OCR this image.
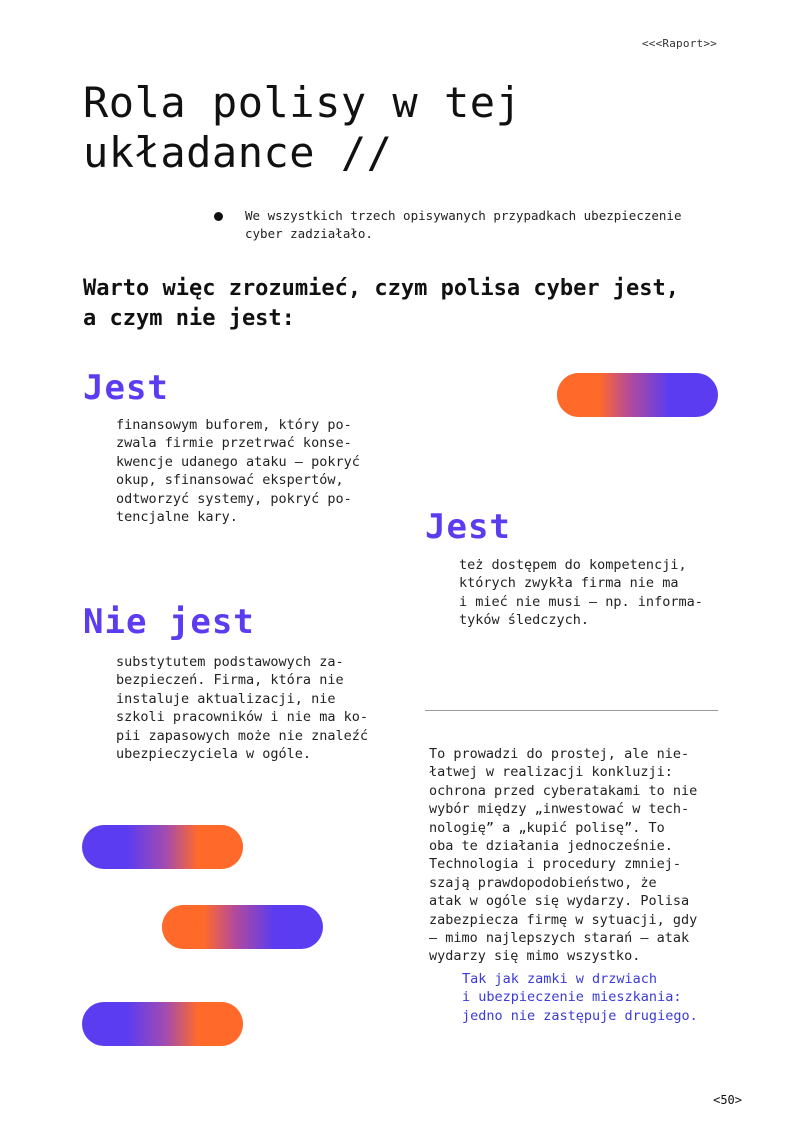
<<<Raport>>
Rola polisy w tej układance //
We wszystkich trzech opisywanych przypadkach ubezpieczenie cyber zadziałało.
Warto więc zrozumieć, czym polisa cyber jest, a czym nie jest:
Jest
finansowym buforem, który po-
zwala firmie przetrwać konse-
kwencje udanego ataku — pokryć
okup, sfinansować ekspertów,
odtworzyć systemy, pokryć po-
tencjalne kary.	Jest
też dostępem do kompetencji,
których zwykła firma nie ma
i mieć nie musi — np. informa-
tyków śledczych.
Nie jest
substytutem podstawowych za-
bezpieczeń. Firma, która nie
instaluje aktualizacji, nie
szkoli pracowników i nie ma ko-
pii zapasowych może nie znaleźć
ubezpieczyciela w ogóle.	To prowadzi do prostej, ale nie-
łatwej w realizacji konkluzji:
ochrona przed cyberatakami to nie
wybór między „inwestować w tech-
nologię” a „kupić polisę”. To
oba te działania jednocześnie.
Technologia i procedury zmniej-
szają prawdopodobieństwo, że
atak w ogóle się wydarzy. Polisa
zabezpiecza firmę w sytuacji, gdy
— mimo najlepszych starań — atak
wydarzy się mimo wszystko.
Tak jak zamki w drzwiach
i ubezpieczenie mieszkania:
jedno nie zastępuje drugiego.
<50>
